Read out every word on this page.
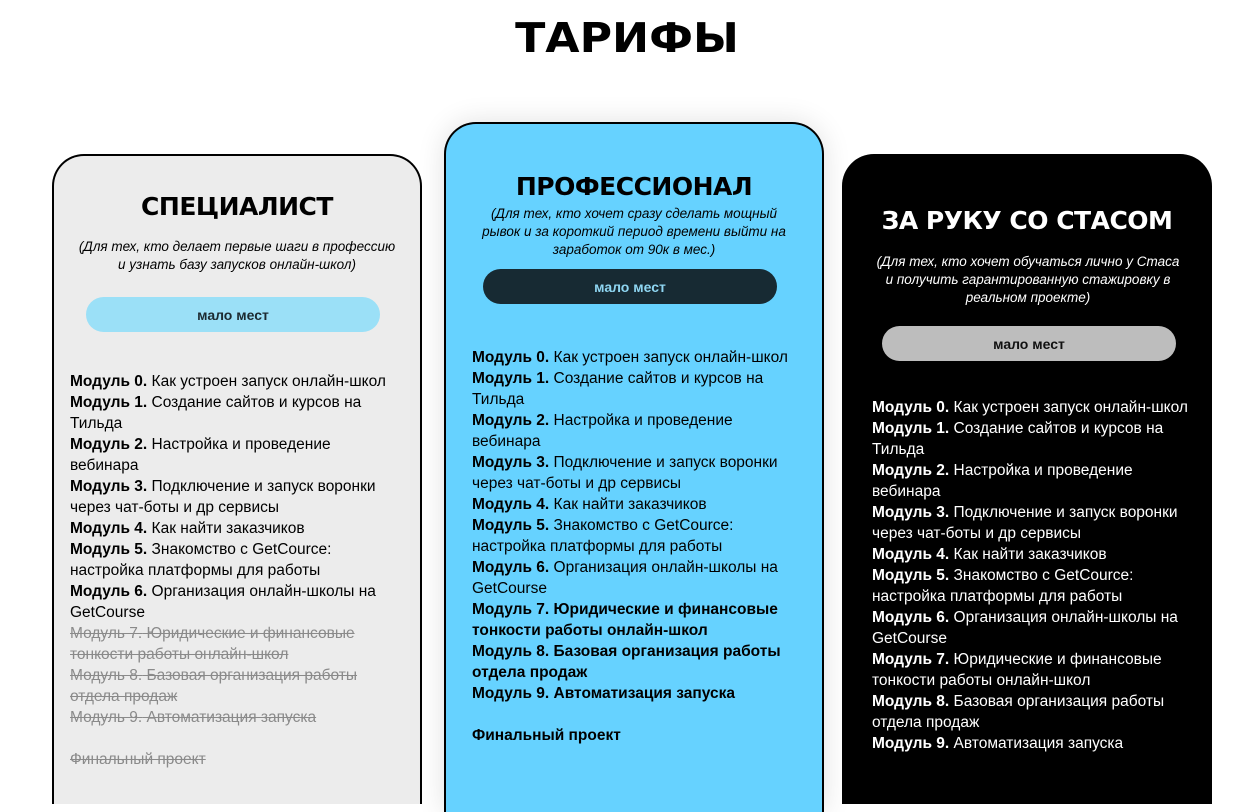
ТАРИФЫ
СПЕЦИАЛИСТ

(Для тех, кто делает первые шаги в профессию и узнать базу запусков онлайн-школ)

мало мест

Модуль 0. Как устроен запуск онлайн-школ

Модуль 1. Создание сайтов и курсов на Тильда

Модуль 2. Настройка и проведение вебинара

Модуль 3. Подключение и запуск воронки через чат-боты и др сервисы

Модуль 4. Как найти заказчиков

Модуль 5. Знакомство с GetCource: настройка платформы для работы

Модуль 6. Организация онлайн-школы на GetCourse

Модуль 7. Юридические и финансовые тонкости работы онлайн-школ

Модуль 8. Базовая организация работы отдела продаж

Модуль 9. Автоматизация запуска

Финальный проект

ПРОФЕССИОНАЛ

(Для тех, кто хочет сразу сделать мощный рывок и за короткий период времени выйти на заработок от 90к в мес.)

мало мест

Модуль 0. Как устроен запуск онлайн-школ

Модуль 1. Создание сайтов и курсов на Тильда

Модуль 2. Настройка и проведение вебинара

Модуль 3. Подключение и запуск воронки через чат-боты и др сервисы

Модуль 4. Как найти заказчиков

Модуль 5. Знакомство с GetCource: настройка платформы для работы

Модуль 6. Организация онлайн-школы на GetCourse

Модуль 7. Юридические и финансовые тонкости работы онлайн-школ

Модуль 8. Базовая организация работы отдела продаж

Модуль 9. Автоматизация запуска

Финальный проект

ЗА РУКУ СО СТАСОМ

(Для тех, кто хочет обучаться лично у Стаса и получить гарантированную стажировку в реальном проекте)

мало мест

Модуль 0. Как устроен запуск онлайн-школ

Модуль 1. Создание сайтов и курсов на Тильда

Модуль 2. Настройка и проведение вебинара

Модуль 3. Подключение и запуск воронки через чат-боты и др сервисы

Модуль 4. Как найти заказчиков

Модуль 5. Знакомство с GetCource: настройка платформы для работы

Модуль 6. Организация онлайн-школы на GetCourse

Модуль 7. Юридические и финансовые тонкости работы онлайн-школ

Модуль 8. Базовая организация работы отдела продаж

Модуль 9. Автоматизация запуска
